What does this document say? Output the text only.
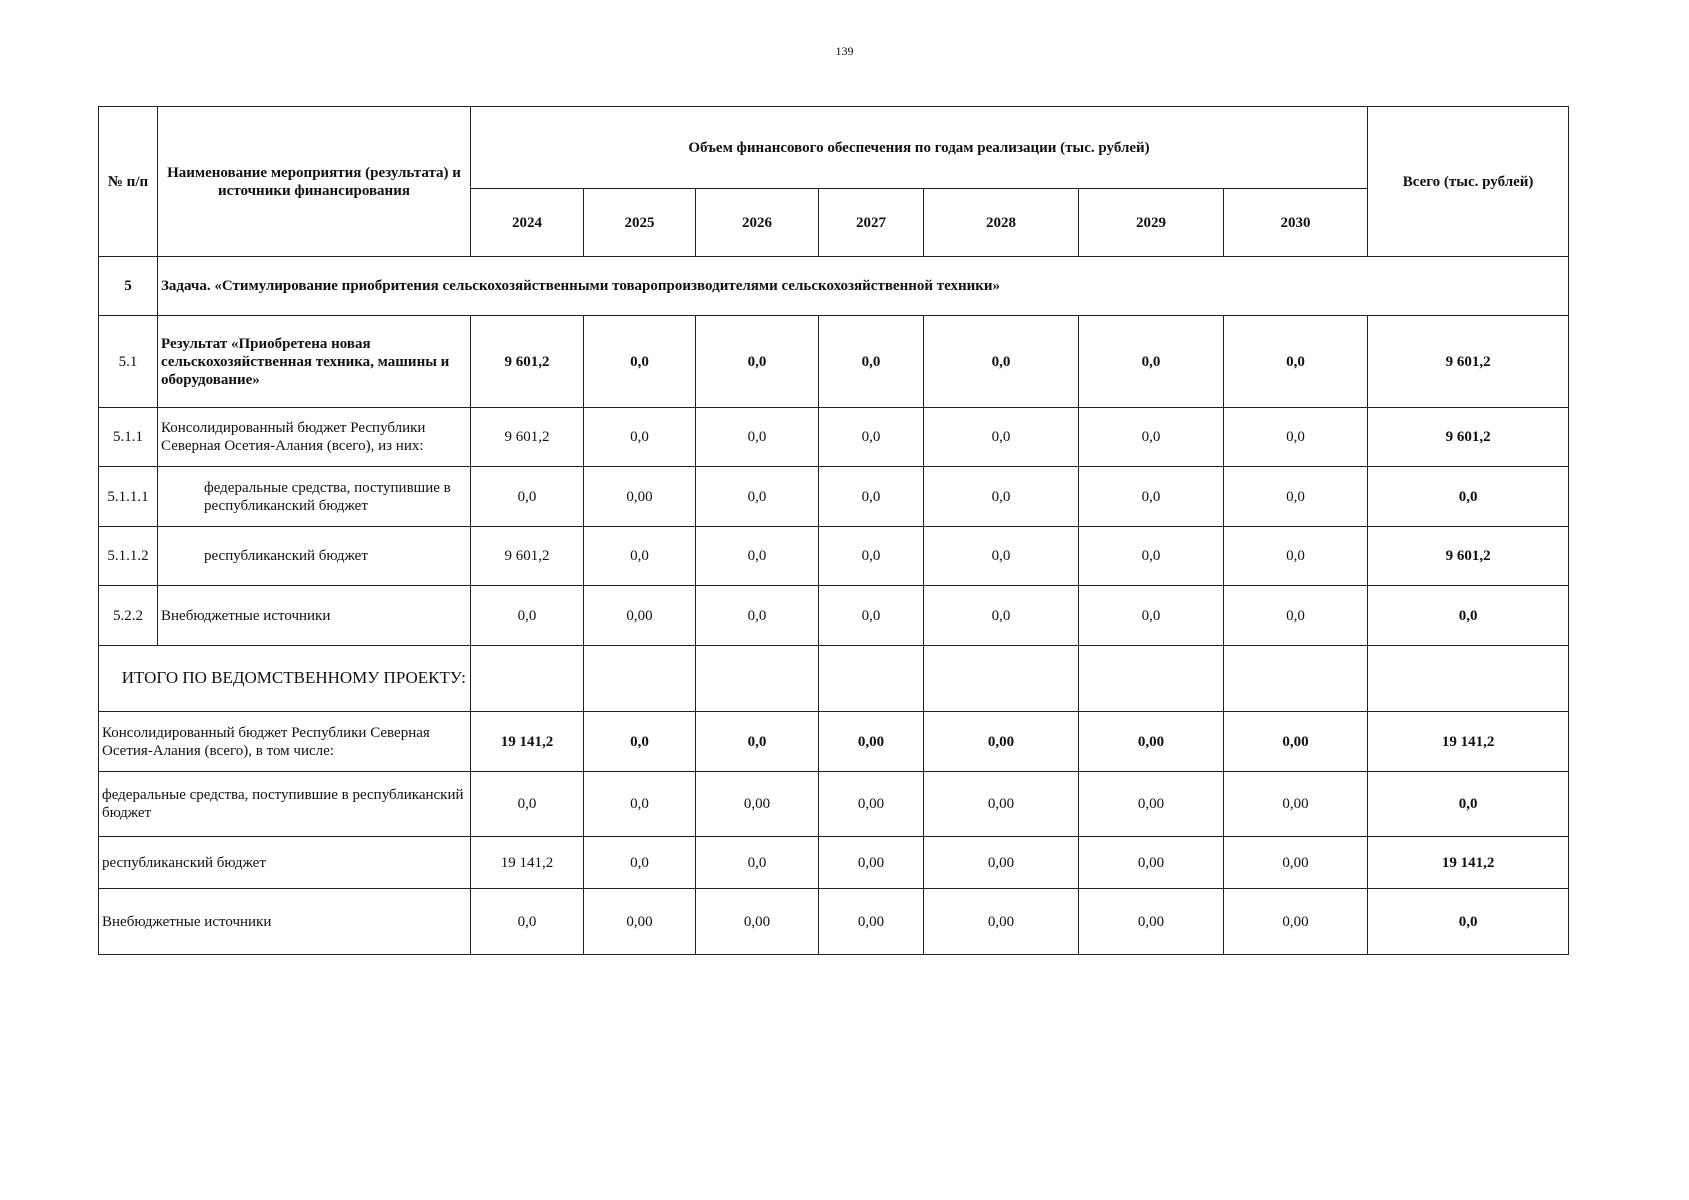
139
№ п/п	Наименование мероприятия (результата) и источники финансирования	Объем финансового обеспечения по годам реализации (тыс. рублей)							Всего (тыс. рублей)
		2024	2025	2026	2027	2028	2029	2030	
5	Задача. «Стимулирование приобритения сельскохозяйственными товаропроизводителями сельскохозяйственной техники»								
5.1	Результат «Приобретена новая сельскохозяйственная техника, машины и оборудование»	9 601,2	0,0	0,0	0,0	0,0	0,0	0,0	9 601,2
5.1.1	Консолидированный бюджет Республики Северная Осетия-Алания (всего), из них:	9 601,2	0,0	0,0	0,0	0,0	0,0	0,0	9 601,2
5.1.1.1	федеральные средства, поступившие в республиканский бюджет	0,0	0,00	0,0	0,0	0,0	0,0	0,0	0,0
5.1.1.2	республиканский бюджет	9 601,2	0,0	0,0	0,0	0,0	0,0	0,0	9 601,2
5.2.2	Внебюджетные источники	0,0	0,00	0,0	0,0	0,0	0,0	0,0	0,0
ИТОГО ПО ВЕДОМСТВЕННОМУ ПРОЕКТУ:									
Консолидированный бюджет Республики Северная Осетия-Алания (всего), в том числе:		19 141,2	0,0	0,0	0,00	0,00	0,00	0,00	19 141,2
федеральные средства, поступившие в республиканский бюджет		0,0	0,0	0,00	0,00	0,00	0,00	0,00	0,0
республиканский бюджет		19 141,2	0,0	0,0	0,00	0,00	0,00	0,00	19 141,2
Внебюджетные источники		0,0	0,00	0,00	0,00	0,00	0,00	0,00	0,0
